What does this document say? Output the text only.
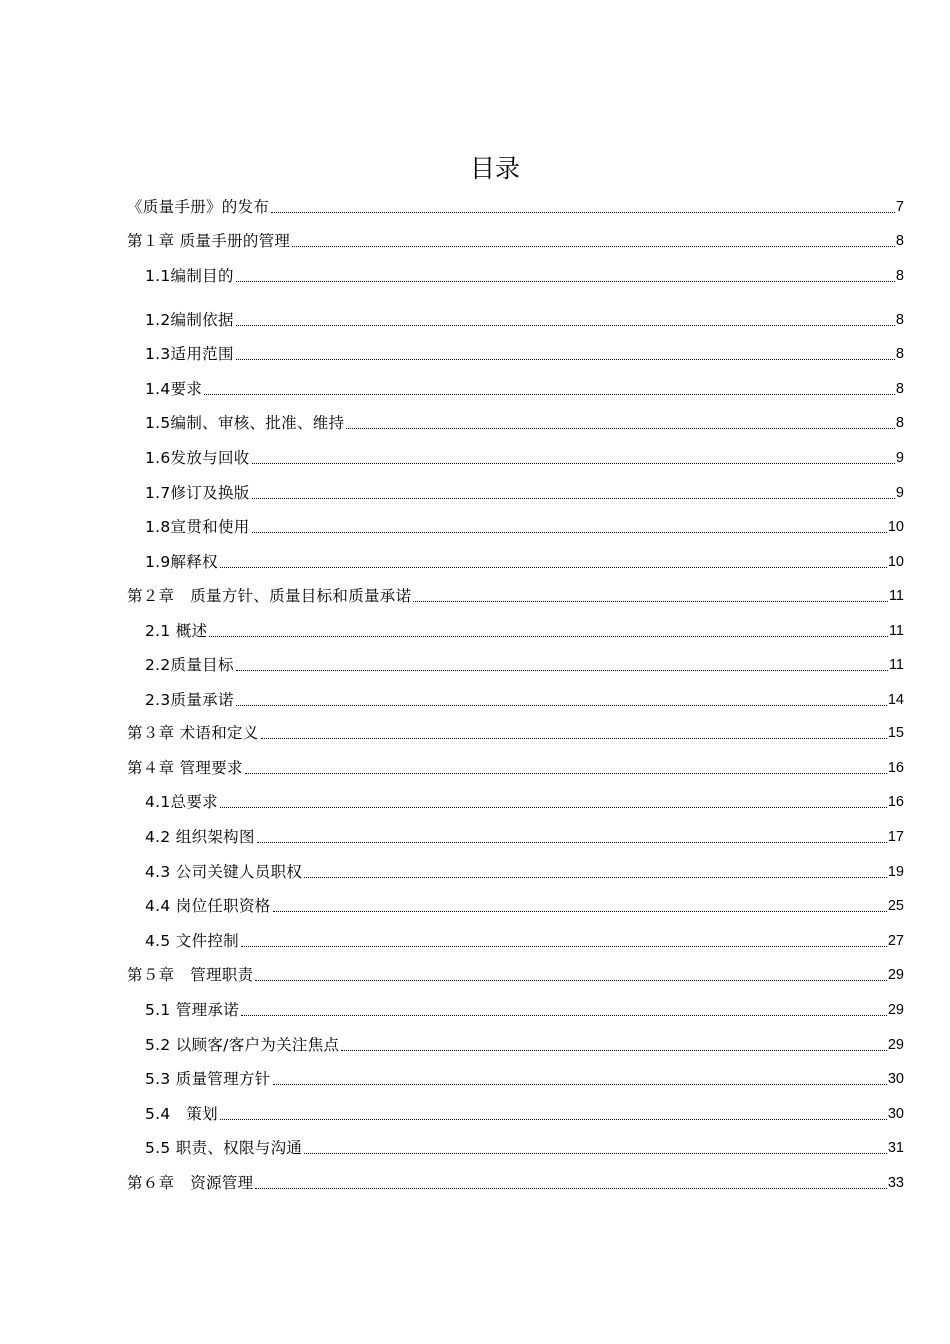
目录
《质量手册》的发布	7
第１章 质量手册的管理	8
1.1编制目的	8
1.2编制依据	8
1.3适用范围	8
1.4要求	8
1.5编制、审核、批准、维持	8
1.6发放与回收	9
1.7修订及换版	9
1.8宣贯和使用	10
1.9解释权	10
第２章　质量方针、质量目标和质量承诺	11
2.1 概述	11
2.2质量目标	11
2.3质量承诺	14
第３章 术语和定义	15
第４章 管理要求	16
4.1总要求	16
4.2 组织架构图	17
4.3 公司关键人员职权	19
4.4 岗位任职资格	25
4.5 文件控制	27
第５章　管理职责	29
5.1 管理承诺	29
5.2 以顾客/客户为关注焦点	29
5.3 质量管理方针	30
5.4　策划	30
5.5 职责、权限与沟通	31
第６章　资源管理	33
